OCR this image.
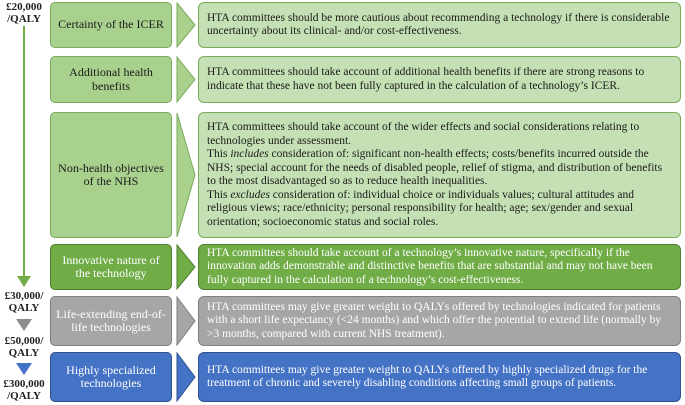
£20,000
/QALY
£30,000/
QALY
£50,000/
QALY
£300,000
/QALY
Certainty of the ICER	HTA committees should be more cautious about recommending a technology if there is considerable uncertainty about its clinical- and/or cost-effectiveness.

Additional health benefits

HTA committees should take account of additional health benefits if there are strong reasons to indicate that these have not been fully captured in the calculation of a technology’s ICER.

Non-health objectives of the NHS

HTA committees should take account of the wider effects and social considerations relating to technologies under assessment.

This includes consideration of: significant non-health effects; costs/benefits incurred outside the NHS; special account for the needs of disabled people, relief of stigma, and distribution of benefits to the most disadvantaged so as to reduce health inequalities.

This excludes consideration of: individual choice or individuals values; cultural attitudes and religious views; race/ethnicity; personal responsibility for health; age; sex/gender and sexual orientation; socioeconomic status and social roles.

Innovative nature of the technology

HTA committees should take account of a technology’s innovative nature, specifically if the innovation adds demonstrable and distinctive benefits that are substantial and may not have been fully captured in the calculation of a technology’s cost-effectiveness.

Life-extending end-of-life technologies

HTA committees may give greater weight to QALYs offered by technologies indicated for patients with a short life expectancy (<24 months) and which offer the potential to extend life (normally by >3 months, compared with current NHS treatment).

Highly specialized technologies

HTA committees may give greater weight to QALYs offered by highly specialized drugs for the treatment of chronic and severely disabling conditions affecting small groups of patients.
